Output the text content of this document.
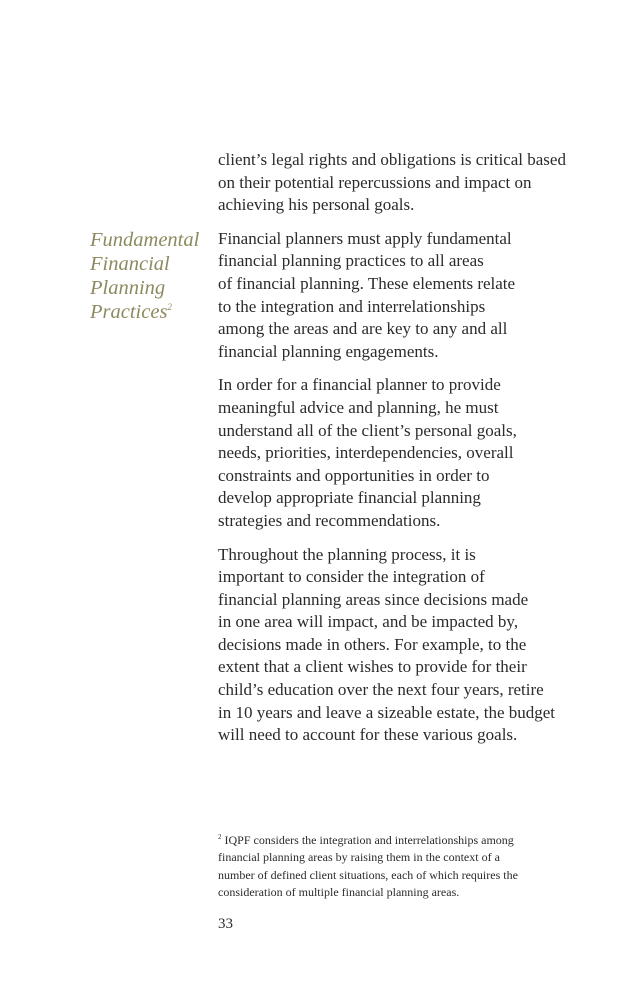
Fundamental
Financial
Planning
Practices$^2$

client’s legal rights and obligations is critical based
on their potential repercussions and impact on
achieving his personal goals.

Financial planners must apply fundamental
financial planning practices to all areas
of financial planning. These elements relate
to the integration and interrelationships
among the areas and are key to any and all
financial planning engagements.

In order for a financial planner to provide
meaningful advice and planning, he must
understand all of the client’s personal goals,
needs, priorities, interdependencies, overall
constraints and opportunities in order to
develop appropriate financial planning
strategies and recommendations.

Throughout the planning process, it is
important to consider the integration of
financial planning areas since decisions made
in one area will impact, and be impacted by,
decisions made in others. For example, to the
extent that a client wishes to provide for their
child’s education over the next four years, retire
in 10 years and leave a sizeable estate, the budget
will need to account for these various goals.

$^2$ IQPF considers the integration and interrelationships among
financial planning areas by raising them in the context of a
number of defined client situations, each of which requires the
consideration of multiple financial planning areas.
33
